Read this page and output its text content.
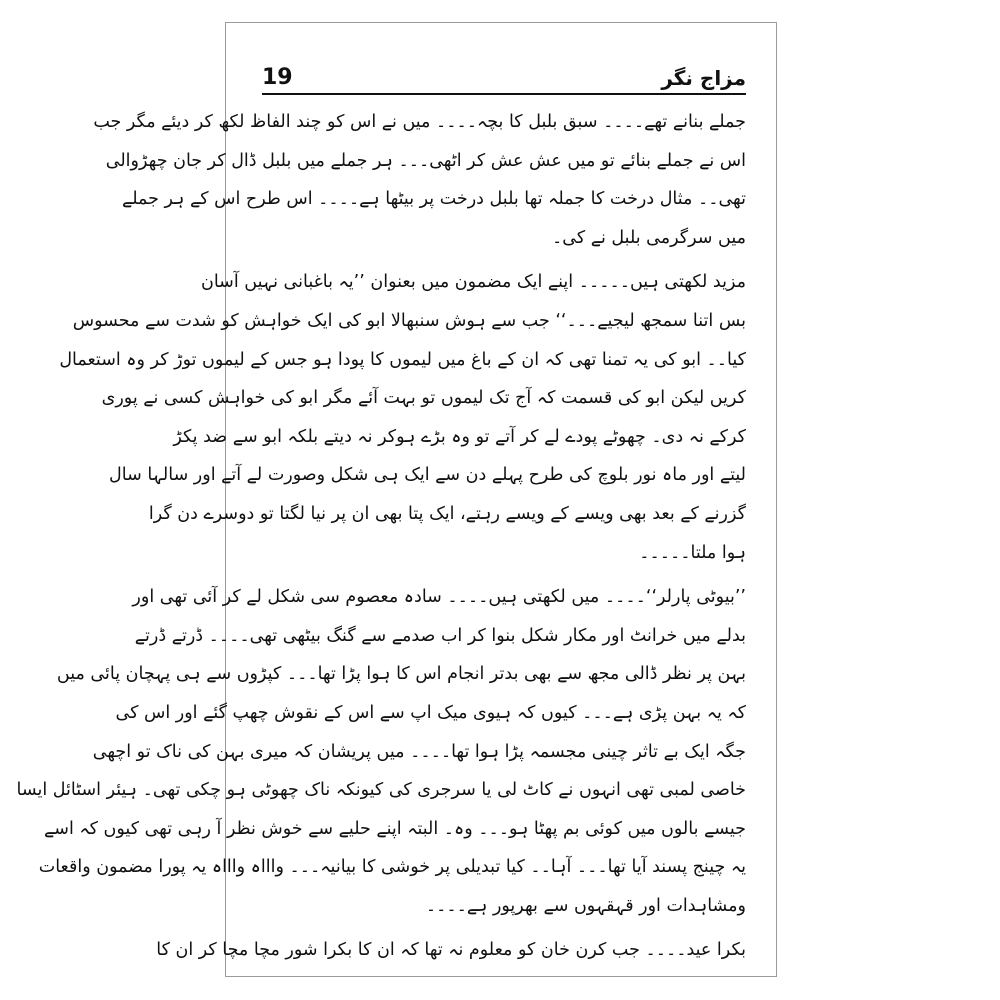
19	مزاج نگر
جملے بنانے تھے۔۔۔۔ سبق بلبل کا بچہ۔۔۔۔ میں نے اس کو چند الفاظ لکھ کر دیئے مگر جب
اس نے جملے بنائے تو میں عش عش کر اٹھی۔۔۔ ہر جملے میں بلبل ڈال کر جان چھڑوالی
تھی۔۔ مثال درخت کا جملہ تھا بلبل درخت پر بیٹھا ہے۔۔۔۔ اس طرح اس کے ہر جملے
میں سرگرمی بلبل نے کی۔
مزید لکھتی ہیں۔۔۔۔۔ اپنے ایک مضمون میں بعنوان ’’یہ باغبانی نہیں آسان
بس اتنا سمجھ لیجیے۔۔۔‘‘ جب سے ہوش سنبھالا ابو کی ایک خواہش کو شدت سے محسوس
کیا۔۔ ابو کی یہ تمنا تھی کہ ان کے باغ میں لیموں کا پودا ہو جس کے لیموں توڑ کر وہ استعمال
کریں لیکن ابو کی قسمت کہ آج تک لیموں تو بہت آئے مگر ابو کی خواہش کسی نے پوری
کرکے نہ دی۔ چھوٹے پودے لے کر آتے تو وہ بڑے ہوکر نہ دیتے بلکہ ابو سے ضد پکڑ
لیتے اور ماہ نور بلوچ کی طرح پہلے دن سے ایک ہی شکل وصورت لے آتے اور سالہا سال
گزرنے کے بعد بھی ویسے کے ویسے رہتے، ایک پتا بھی ان پر نیا لگتا تو دوسرے دن گرا
ہوا ملتا۔۔۔۔۔
’’بیوٹی پارلر‘‘۔۔۔۔ میں لکھتی ہیں۔۔۔۔ سادہ معصوم سی شکل لے کر آئی تھی اور
بدلے میں خرانٹ اور مکار شکل بنوا کر اب صدمے سے گنگ بیٹھی تھی۔۔۔۔ ڈرتے ڈرتے
بہن پر نظر ڈالی مجھ سے بھی بدتر انجام اس کا ہوا پڑا تھا۔۔۔ کپڑوں سے ہی پہچان پائی میں
کہ یہ بہن پڑی ہے۔۔۔ کیوں کہ ہیوی میک اپ سے اس کے نقوش چھپ گئے اور اس کی
جگہ ایک بے تاثر چینی مجسمہ پڑا ہوا تھا۔۔۔۔ میں پریشان کہ میری بہن کی ناک تو اچھی
خاصی لمبی تھی انہوں نے کاٹ لی یا سرجری کی کیونکہ ناک چھوٹی ہو چکی تھی۔ ہیئر اسٹائل ایسا
جیسے بالوں میں کوئی بم پھٹا ہو۔۔۔ وہ۔ البتہ اپنے حلیے سے خوش نظر آ رہی تھی کیوں کہ اسے
یہ چینج پسند آیا تھا۔۔۔ آہا۔۔ کیا تبدیلی پر خوشی کا بیانیہ۔۔۔ واااہ واااہ یہ پورا مضمون واقعات
ومشاہدات اور قہقہوں سے بھرپور ہے۔۔۔۔
بکرا عید۔۔۔۔ جب کرن خان کو معلوم نہ تھا کہ ان کا بکرا شور مچا مچا کر ان کا
